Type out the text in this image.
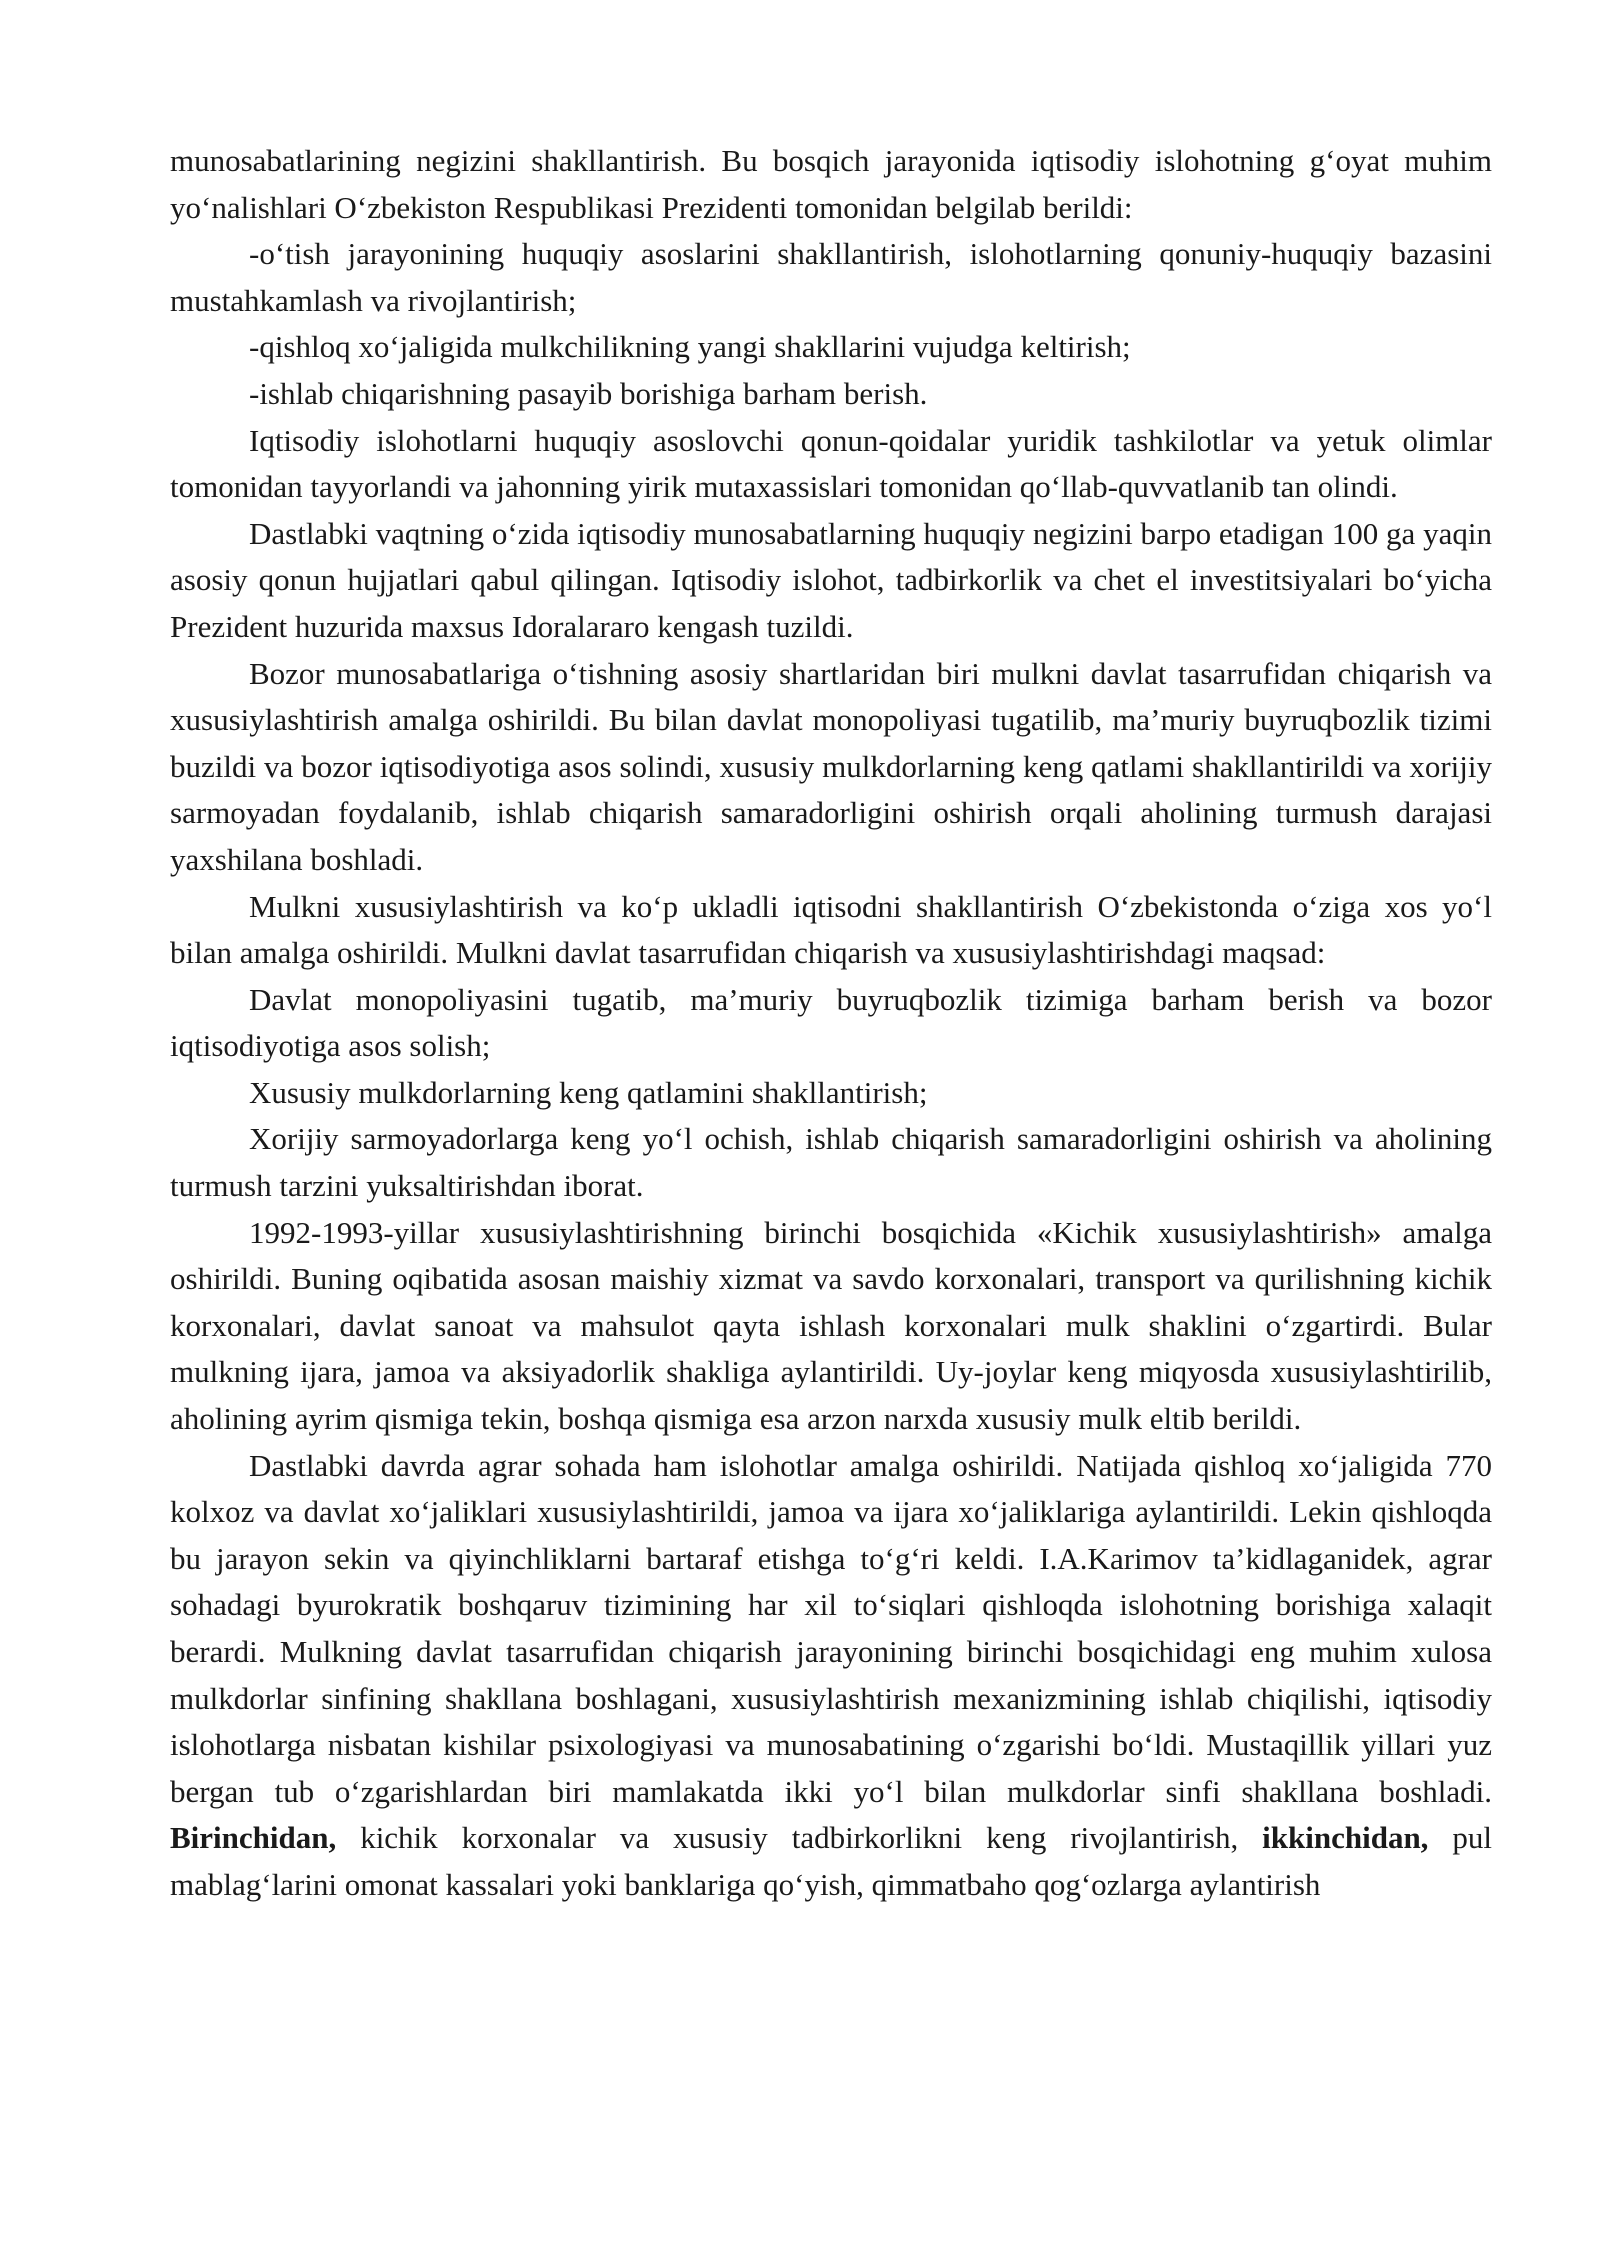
munosabatlarining negizini shakllantirish. Bu bosqich jarayonida iqtisodiy islohotning g‘oyat muhim yo‘nalishlari O‘zbekiston Respublikasi Prezidenti tomonidan belgilab berildi:

-o‘tish jarayonining huquqiy asoslarini shakllantirish, islohotlarning qonuniy-huquqiy bazasini mustahkamlash va rivojlantirish;

-qishloq xo‘jaligida mulkchilikning yangi shakllarini vujudga keltirish;

-ishlab chiqarishning pasayib borishiga barham berish.

Iqtisodiy islohotlarni huquqiy asoslovchi qonun-qoidalar yuridik tashkilotlar va yetuk olimlar tomonidan tayyorlandi va jahonning yirik mutaxassislari tomonidan qo‘llab-quvvatlanib tan olindi.

Dastlabki vaqtning o‘zida iqtisodiy munosabatlarning huquqiy negizini barpo etadigan 100 ga yaqin asosiy qonun hujjatlari qabul qilingan. Iqtisodiy islohot, tadbirkorlik va chet el investitsiyalari bo‘yicha Prezident huzurida maxsus Idoralararo kengash tuzildi.

Bozor munosabatlariga o‘tishning asosiy shartlaridan biri mulkni davlat tasarrufidan chiqarish va xususiylashtirish amalga oshirildi. Bu bilan davlat monopoliyasi tugatilib, ma’muriy buyruqbozlik tizimi buzildi va bozor iqtisodiyotiga asos solindi, xususiy mulkdorlarning keng qatlami shakllantirildi va xorijiy sarmoyadan foydalanib, ishlab chiqarish samaradorligini oshirish orqali aholining turmush darajasi yaxshilana boshladi.

Mulkni xususiylashtirish va ko‘p ukladli iqtisodni shakllantirish O‘zbekistonda o‘ziga xos yo‘l bilan amalga oshirildi. Mulkni davlat tasarrufidan chiqarish va xususiylashtirishdagi maqsad:

Davlat monopoliyasini tugatib, ma’muriy buyruqbozlik tizimiga barham berish va bozor iqtisodiyotiga asos solish;

Xususiy mulkdorlarning keng qatlamini shakllantirish;

Xorijiy sarmoyadorlarga keng yo‘l ochish, ishlab chiqarish samaradorligini oshirish va aholining turmush tarzini yuksaltirishdan iborat.

1992-1993-yillar xususiylashtirishning birinchi bosqichida «Kichik xususiylashtirish» amalga oshirildi. Buning oqibatida asosan maishiy xizmat va savdo korxonalari, transport va qurilishning kichik korxonalari, davlat sanoat va mahsulot qayta ishlash korxonalari mulk shaklini o‘zgartirdi. Bular mulkning ijara, jamoa va aksiyadorlik shakliga aylantirildi. Uy-joylar keng miqyosda xususiylashtirilib, aholining ayrim qismiga tekin, boshqa qismiga esa arzon narxda xususiy mulk eltib berildi.

Dastlabki davrda agrar sohada ham islohotlar amalga oshirildi. Natijada qishloq xo‘jaligida 770 kolxoz va davlat xo‘jaliklari xususiylashtirildi, jamoa va ijara xo‘jaliklariga aylantirildi. Lekin qishloqda bu jarayon sekin va qiyinchliklarni bartaraf etishga to‘g‘ri keldi. I.A.Karimov ta’kidlaganidek, agrar sohadagi byurokratik boshqaruv tizimining har xil to‘siqlari qishloqda islohotning borishiga xalaqit berardi. Mulkning davlat tasarrufidan chiqarish jarayonining birinchi bosqichidagi eng muhim xulosa mulkdorlar sinfining shakllana boshlagani, xususiylashtirish mexanizmining ishlab chiqilishi, iqtisodiy islohotlarga nisbatan kishilar psixologiyasi va munosabatining o‘zgarishi bo‘ldi. Mustaqillik yillari yuz bergan tub o‘zgarishlardan biri mamlakatda ikki yo‘l bilan mulkdorlar sinfi shakllana boshladi. Birinchidan, kichik korxonalar va xususiy tadbirkorlikni keng rivojlantirish, ikkinchidan, pul mablag‘larini omonat kassalari yoki banklariga qo‘yish, qimmatbaho qog‘ozlarga aylantirish
